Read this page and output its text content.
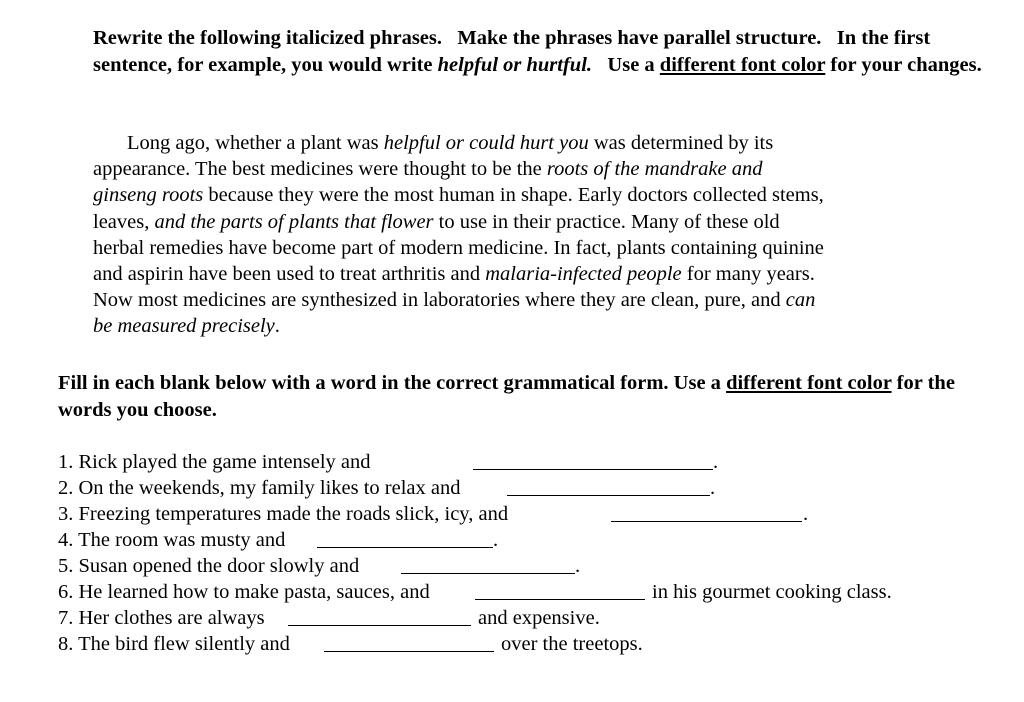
Rewrite the following italicized phrases. Make the phrases have parallel structure. In the first sentence, for example, you would write helpful or hurtful. Use a different font color for your changes.
Long ago, whether a plant was helpful or could hurt you was determined by its
appearance. The best medicines were thought to be the roots of the mandrake and
ginseng roots because they were the most human in shape. Early doctors collected stems,
leaves, and the parts of plants that flower to use in their practice. Many of these old
herbal remedies have become part of modern medicine. In fact, plants containing quinine
and aspirin have been used to treat arthritis and malaria-infected people for many years.
Now most medicines are synthesized in laboratories where they are clean, pure, and can
be measured precisely.
Fill in each blank below with a word in the correct grammatical form. Use a different font color for the words you choose.
1. Rick played the game intensely and	.
2. On the weekends, my family likes to relax and	.
3. Freezing temperatures made the roads slick, icy, and	.
4. The room was musty and	.
5. Susan opened the door slowly and	.
6. He learned how to make pasta, sauces, and	in his gourmet cooking class.
7. Her clothes are always	and expensive.
8. The bird flew silently and	over the treetops.
